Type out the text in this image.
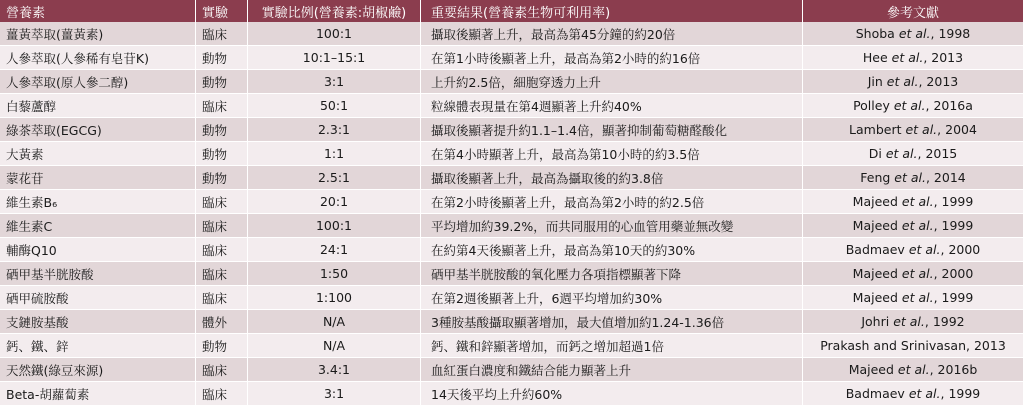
營養素	實驗	實驗比例(營養素:胡椒鹼)	重要結果(營養素生物可利用率)	參考文獻
薑黃萃取(薑黃素)	臨床	100:1	攝取後顯著上升，最高為第45分鐘的約20倍	Shoba et al., 1998
人參萃取(人參稀有皂苷K)	動物	10:1–15:1	在第1小時後顯著上升，最高為第2小時的約16倍	Hee et al., 2013
人參萃取(原人參二醇)	動物	3:1	上升約2.5倍，細胞穿透力上升	Jin et al., 2013
白藜蘆醇	臨床	50:1	粒線體表現量在第4週顯著上升約40%	Polley et al., 2016a
綠茶萃取(EGCG)	動物	2.3:1	攝取後顯著提升約1.1–1.4倍，顯著抑制葡萄糖醛酸化	Lambert et al., 2004
大黃素	動物	1:1	在第4小時顯著上升，最高為第10小時的約3.5倍	Di et al., 2015
蒙花苷	動物	2.5:1	攝取後顯著上升，最高為攝取後的約3.8倍	Feng et al., 2014
維生素B₆	臨床	20:1	在第2小時後顯著上升，最高為第2小時的約2.5倍	Majeed et al., 1999
維生素C	臨床	100:1	平均增加約39.2%，而共同服用的心血管用藥並無改變	Majeed et al., 1999
輔酶Q10	臨床	24:1	在約第4天後顯著上升，最高為第10天的約30%	Badmaev et al., 2000
硒甲基半胱胺酸	臨床	1:50	硒甲基半胱胺酸的氧化壓力各項指標顯著下降	Majeed et al., 2000
硒甲硫胺酸	臨床	1:100	在第2週後顯著上升，6週平均增加約30%	Majeed et al., 1999
支鏈胺基酸	體外	N/A	3種胺基酸攝取顯著增加，最大值增加約1.24-1.36倍	Johri et al., 1992
鈣、鐵、鋅	動物	N/A	鈣、鐵和鋅顯著增加，而鈣之增加超過1倍	Prakash and Srinivasan, 2013
天然鐵(綠豆來源)	臨床	3.4:1	血紅蛋白濃度和鐵結合能力顯著上升	Majeed et al., 2016b
Beta-胡蘿蔔素	臨床	3:1	14天後平均上升約60%	Badmaev et al., 1999
